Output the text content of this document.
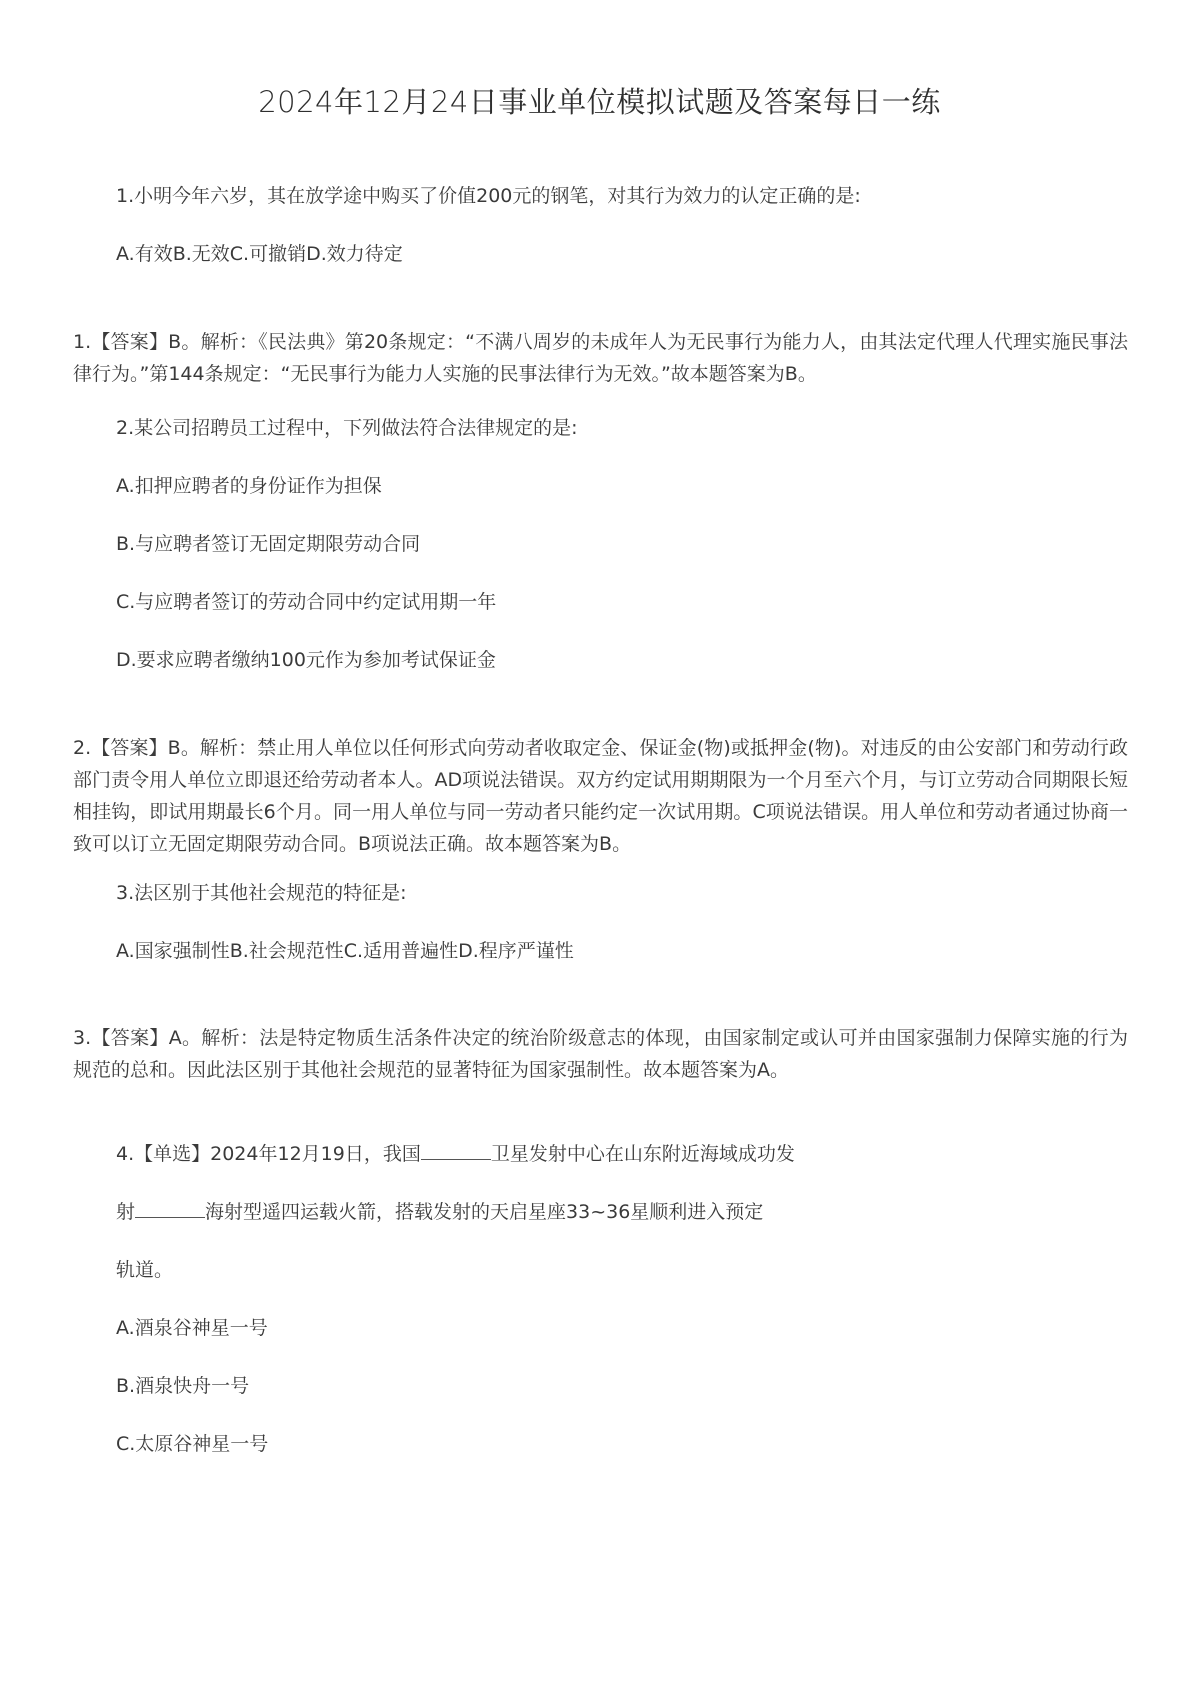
2024年12月24日事业单位模拟试题及答案每日一练
1.小明今年六岁，其在放学途中购买了价值200元的钢笔，对其行为效力的认定正确的是:
A.有效B.无效C.可撤销D.效力待定
1.【答案】B。解析：《民法典》第20条规定：“不满八周岁的未成年人为无民事行为能力人，由其法定代理人代理实施民事法律行为。”第144条规定：“无民事行为能力人实施的民事法律行为无效。”故本题答案为B。
2.某公司招聘员工过程中，下列做法符合法律规定的是:
A.扣押应聘者的身份证作为担保
B.与应聘者签订无固定期限劳动合同
C.与应聘者签订的劳动合同中约定试用期一年
D.要求应聘者缴纳100元作为参加考试保证金
2.【答案】B。解析：禁止用人单位以任何形式向劳动者收取定金、保证金(物)或抵押金(物)。对违反的由公安部门和劳动行政部门责令用人单位立即退还给劳动者本人。AD项说法错误。双方约定试用期期限为一个月至六个月，与订立劳动合同期限长短相挂钩，即试用期最长6个月。同一用人单位与同一劳动者只能约定一次试用期。C项说法错误。用人单位和劳动者通过协商一致可以订立无固定期限劳动合同。B项说法正确。故本题答案为B。
3.法区别于其他社会规范的特征是:
A.国家强制性B.社会规范性C.适用普遍性D.程序严谨性
3.【答案】A。解析：法是特定物质生活条件决定的统治阶级意志的体现，由国家制定或认可并由国家强制力保障实施的行为规范的总和。因此法区别于其他社会规范的显著特征为国家强制性。故本题答案为A。
4.【单选】2024年12月19日，我国	卫星发射中心在山东附近海域成功发
射	海射型遥四运载火箭，搭载发射的天启星座33~36星顺利进入预定
轨道。
A.酒泉谷神星一号
B.酒泉快舟一号
C.太原谷神星一号
